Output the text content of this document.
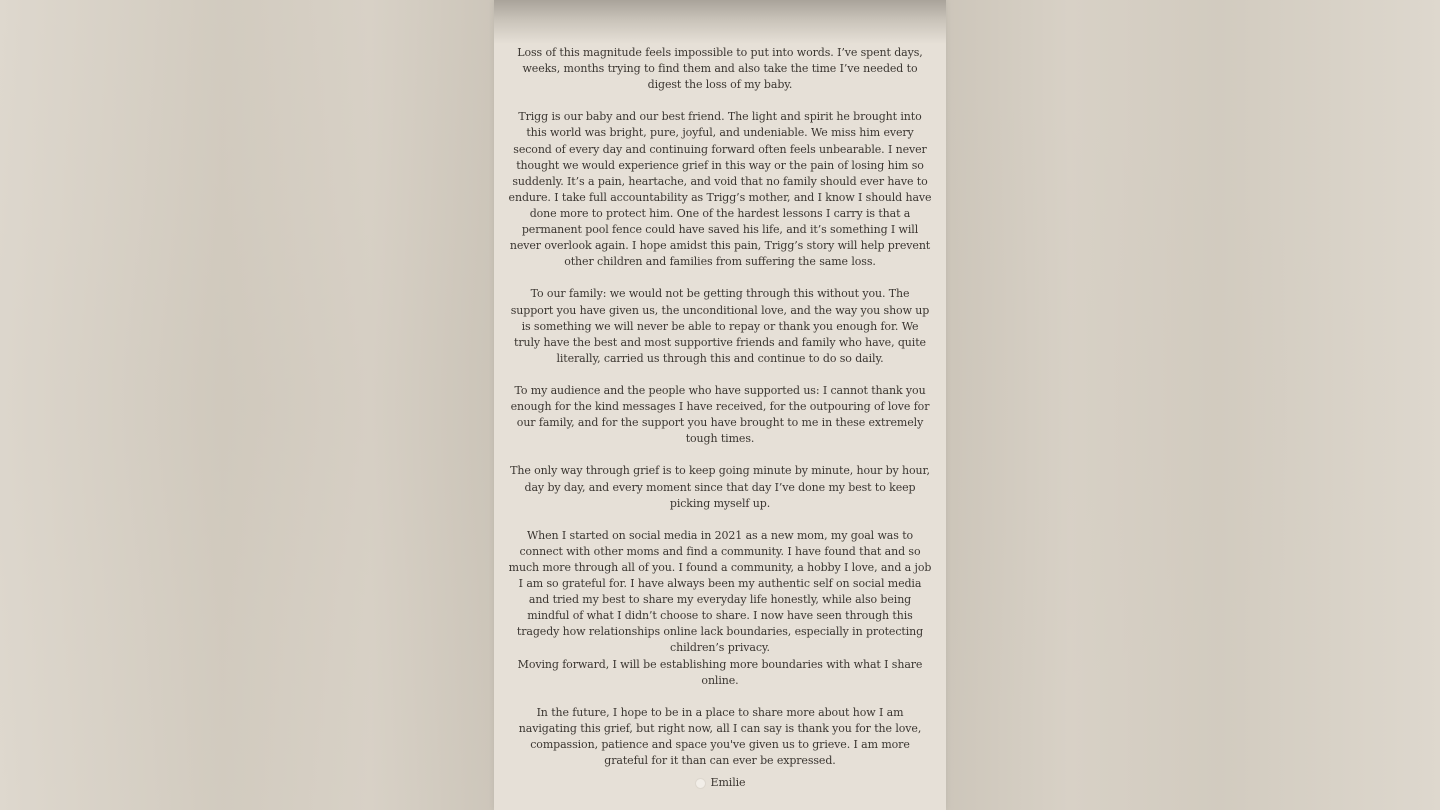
Loss of this magnitude feels impossible to put into words. I’ve spent days, weeks, months trying to find them and also take the time I’ve needed to digest the loss of my baby.

Trigg is our baby and our best friend. The light and spirit he brought into this world was bright, pure, joyful, and undeniable. We miss him every second of every day and continuing forward often feels unbearable. I never thought we would experience grief in this way or the pain of losing him so suddenly. It’s a pain, heartache, and void that no family should ever have to endure. I take full accountability as Trigg’s mother, and I know I should have done more to protect him. One of the hardest lessons I carry is that a permanent pool fence could have saved his life, and it’s something I will never overlook again. I hope amidst this pain, Trigg’s story will help prevent other children and families from suffering the same loss.

To our family: we would not be getting through this without you. The support you have given us, the unconditional love, and the way you show up is something we will never be able to repay or thank you enough for. We truly have the best and most supportive friends and family who have, quite literally, carried us through this and continue to do so daily.

To my audience and the people who have supported us: I cannot thank you enough for the kind messages I have received, for the outpouring of love for our family, and for the support you have brought to me in these extremely tough times.

The only way through grief is to keep going minute by minute, hour by hour, day by day, and every moment since that day I’ve done my best to keep picking myself up.

When I started on social media in 2021 as a new mom, my goal was to connect with other moms and find a community. I have found that and so much more through all of you. I found a community, a hobby I love, and a job I am so grateful for. I have always been my authentic self on social media and tried my best to share my everyday life honestly, while also being mindful of what I didn’t choose to share. I now have seen through this tragedy how relationships online lack boundaries, especially in protecting children’s privacy.

Moving forward, I will be establishing more boundaries with what I share online.

In the future, I hope to be in a place to share more about how I am navigating this grief, but right now, all I can say is thank you for the love, compassion, patience and space you've given us to grieve. I am more grateful for it than can ever be expressed.

Emilie
